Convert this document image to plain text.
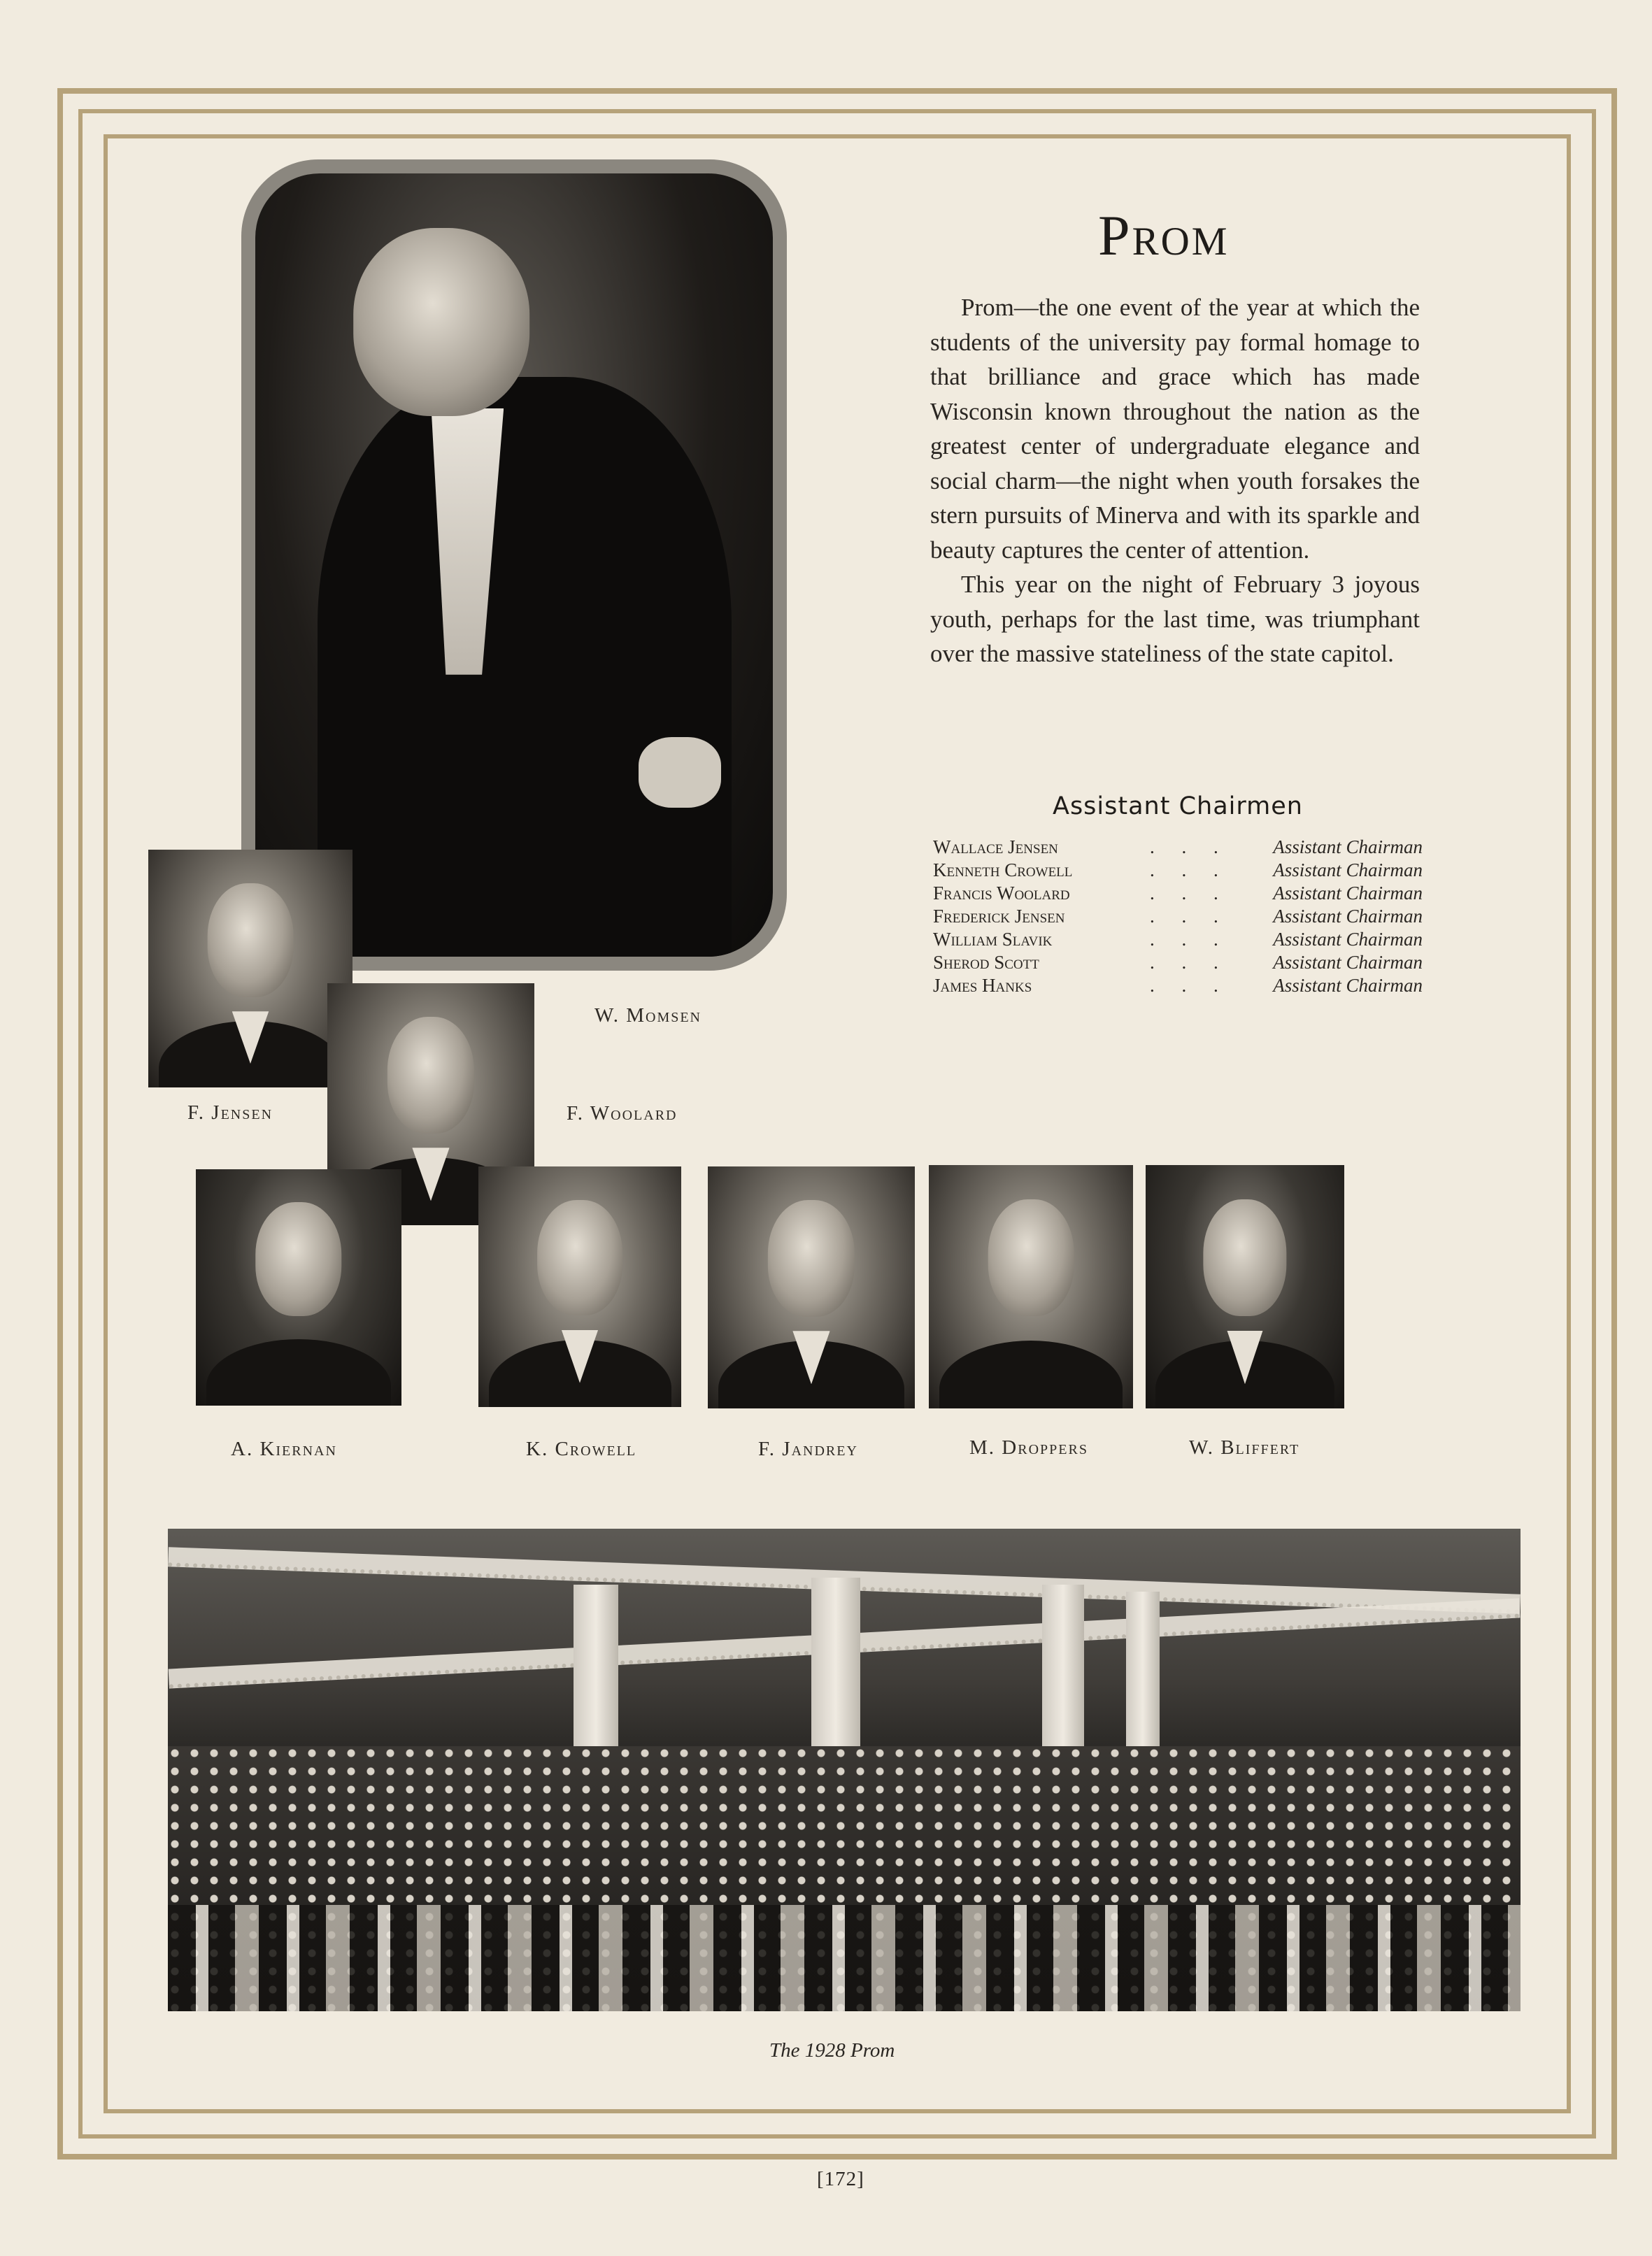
W. Momsen
F. Jensen	F. Woolard
A. Kiernan	K. Crowell	F. Jandrey	M. Droppers	W. Bliffert
Prom

Prom—the one event of the year at which the students of the university pay formal homage to that brilliance and grace which has made Wisconsin known throughout the nation as the greatest center of undergraduate elegance and social charm—the night when youth forsakes the stern pursuits of Minerva and with its sparkle and beauty captures the center of attention.

This year on the night of February 3 joyous youth, perhaps for the last time, was triumphant over the massive stateliness of the state capitol.

Assistant Chairmen
Wallace Jensen	. . . Assistant Chairman
Kenneth Crowell	. . . Assistant Chairman
Francis Woolard	. . . Assistant Chairman
Frederick Jensen	. . . Assistant Chairman
William Slavik	. . . Assistant Chairman
Sherod Scott	. . . Assistant Chairman
James Hanks	. . . Assistant Chairman
The 1928 Prom
[172]
